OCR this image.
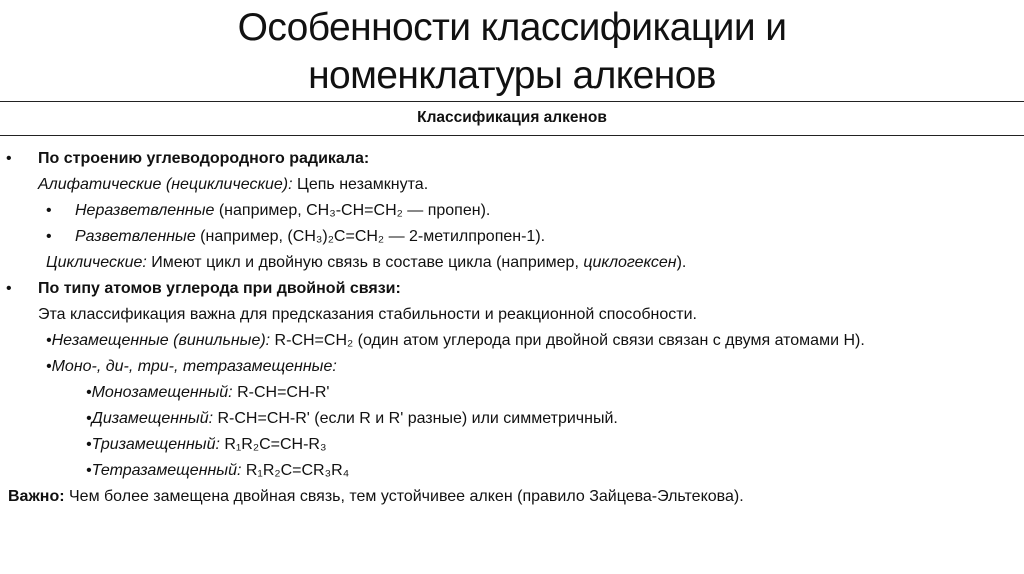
Особенности классификации и
номенклатуры алкенов
Классификация алкенов
• По строению углеводородного радикала:
Алифатические (нециклические): Цепь незамкнута.
• Неразветвленные (например, CH₃-CH=CH₂ — пропен).
• Разветвленные (например, (CH₃)₂C=CH₂ — 2-метилпропен-1).
Циклические: Имеют цикл и двойную связь в составе цикла (например, циклогексен).
• По типу атомов углерода при двойной связи:
Эта классификация важна для предсказания стабильности и реакционной способности.
•Незамещенные (винильные): R-CH=CH₂ (один атом углерода при двойной связи связан с двумя атомами Н).
•Моно-, ди-, три-, тетразамещенные:
•Монозамещенный: R-CH=CH-R'
•Дизамещенный: R-CH=CH-R' (если R и R' разные) или симметричный.
•Тризамещенный: R₁R₂C=CH-R₃
•Тетразамещенный: R₁R₂C=CR₃R₄
Важно: Чем более замещена двойная связь, тем устойчивее алкен (правило Зайцева-Эльтекова).
